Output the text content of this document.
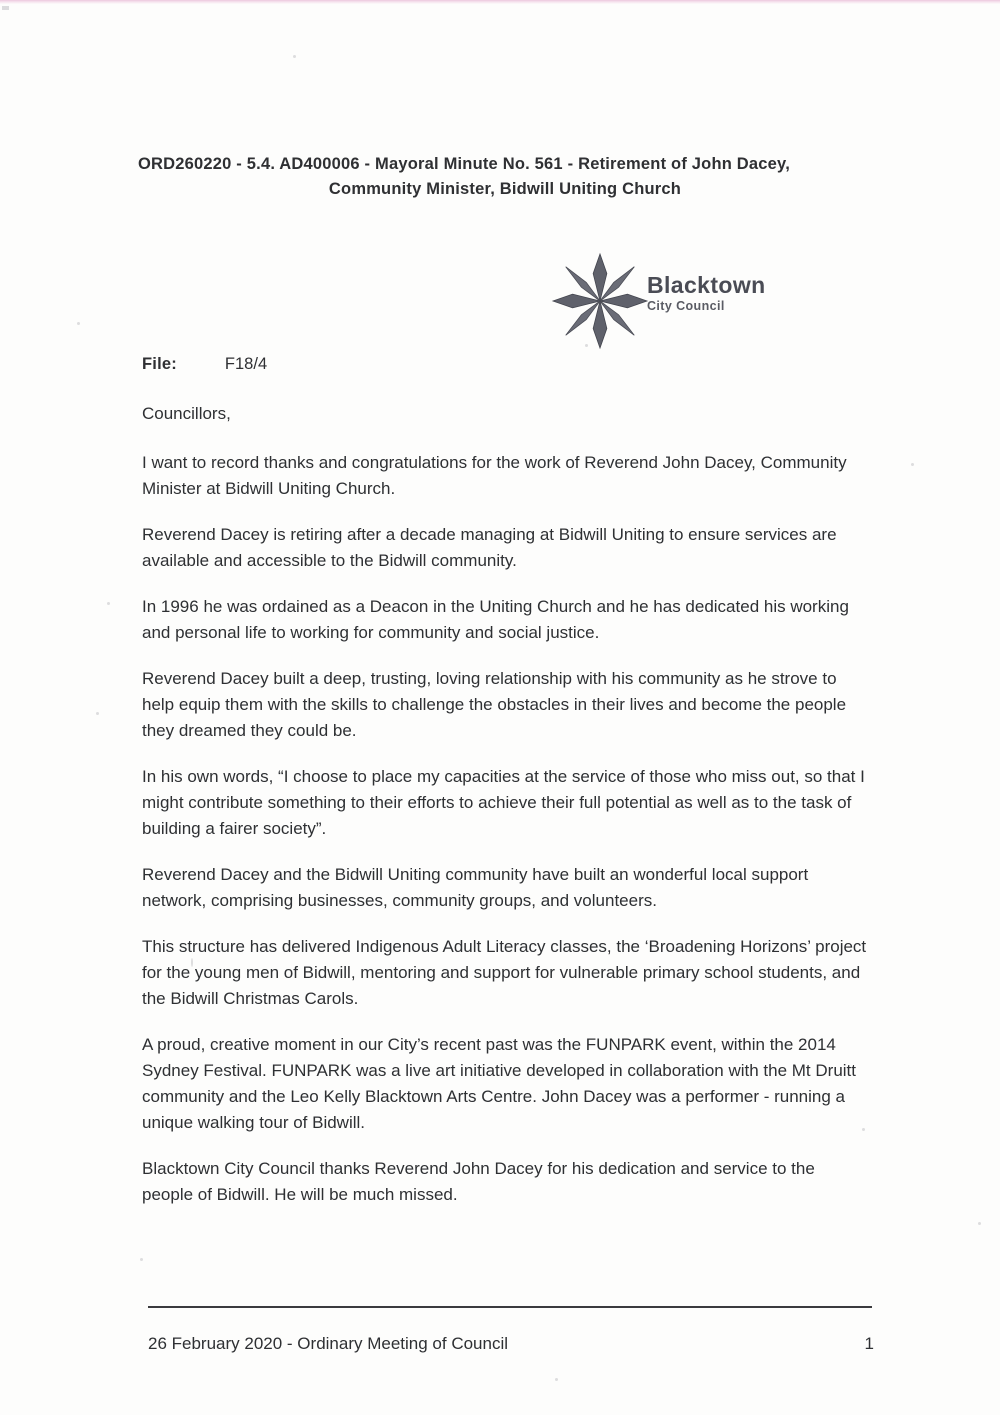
ORD260220 - 5.4. AD400006 - Mayoral Minute No. 561 - Retirement of John Dacey,
Community Minister, Bidwill Uniting Church
Blacktown
City Council
File:	F18/4
Councillors,

I want to record thanks and congratulations for the work of Reverend John Dacey, Community Minister at Bidwill Uniting Church.

Reverend Dacey is retiring after a decade managing at Bidwill Uniting to ensure services are available and accessible to the Bidwill community.

In 1996 he was ordained as a Deacon in the Uniting Church and he has dedicated his working and personal life to working for community and social justice.

Reverend Dacey built a deep, trusting, loving relationship with his community as he strove to help equip them with the skills to challenge the obstacles in their lives and become the people they dreamed they could be.

In his own words, “I choose to place my capacities at the service of those who miss out, so that I might contribute something to their efforts to achieve their full potential as well as to the task of building a fairer society”.

Reverend Dacey and the Bidwill Uniting community have built an wonderful local support network, comprising businesses, community groups, and volunteers.

This structure has delivered Indigenous Adult Literacy classes, the ‘Broadening Horizons’ project for the young men of Bidwill, mentoring and support for vulnerable primary school students, and the Bidwill Christmas Carols.

A proud, creative moment in our City’s recent past was the FUNPARK event, within the 2014 Sydney Festival. FUNPARK was a live art initiative developed in collaboration with the Mt Druitt community and the Leo Kelly Blacktown Arts Centre. John Dacey was a performer - running a unique walking tour of Bidwill.

Blacktown City Council thanks Reverend John Dacey for his dedication and service to the people of Bidwill. He will be much missed.

26 February 2020 - Ordinary Meeting of Council	1
